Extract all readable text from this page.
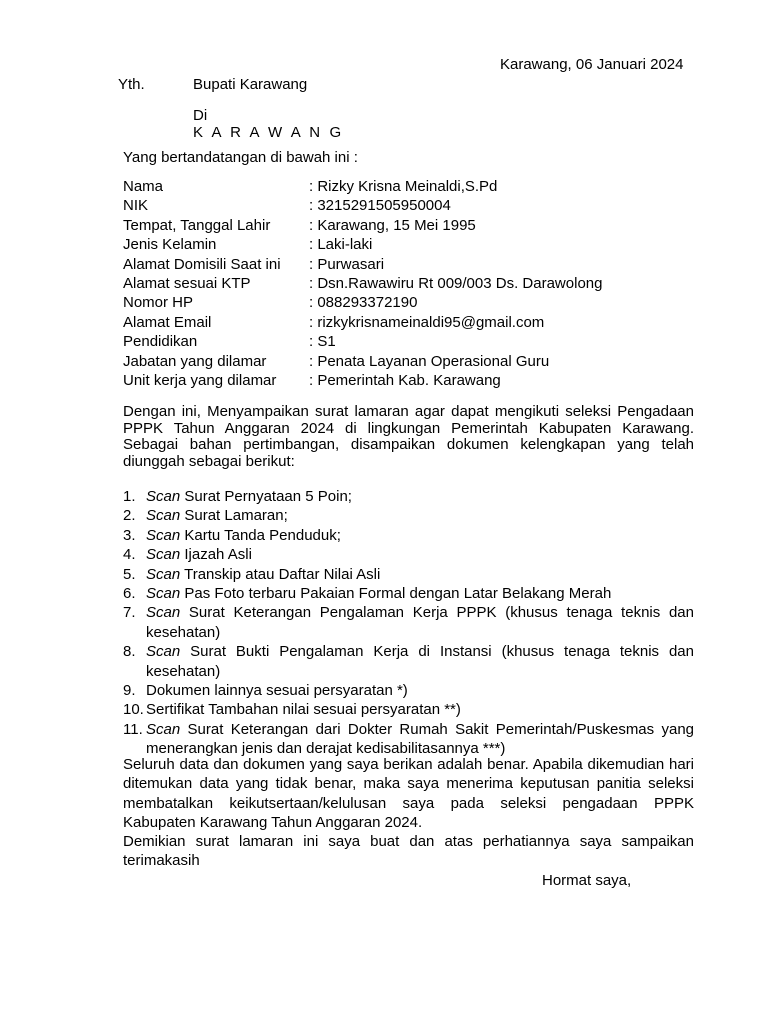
Karawang, 06 Januari 2024
Yth.	Bupati Karawang
Di
K A R A W A N G
Yang bertandatangan di bawah ini :
Nama	: Rizky Krisna Meinaldi,S.Pd
NIK	: 3215291505950004
Tempat, Tanggal Lahir	: Karawang, 15 Mei 1995
Jenis Kelamin	: Laki-laki
Alamat Domisili Saat ini : Purwasari
Alamat sesuai KTP	: Dsn.Rawawiru Rt 009/003 Ds. Darawolong
Nomor HP	: 088293372190
Alamat Email	: rizkykrisnameinaldi95@gmail.com
Pendidikan	: S1
Jabatan yang dilamar	: Penata Layanan Operasional Guru
Unit kerja yang dilamar : Pemerintah Kab. Karawang
Dengan ini, Menyampaikan surat lamaran agar dapat mengikuti seleksi Pengadaan PPPK Tahun Anggaran 2024 di lingkungan Pemerintah Kabupaten Karawang. Sebagai bahan pertimbangan, disampaikan dokumen kelengkapan yang telah diunggah sebagai berikut:
1. Scan Surat Pernyataan 5 Poin;
2. Scan Surat Lamaran;
3. Scan Kartu Tanda Penduduk;
4. Scan Ijazah Asli
5. Scan Transkip atau Daftar Nilai Asli
6. Scan Pas Foto terbaru Pakaian Formal dengan Latar Belakang Merah
7. Scan Surat Keterangan Pengalaman Kerja PPPK (khusus tenaga teknis dan kesehatan)
8. Scan Surat Bukti Pengalaman Kerja di Instansi (khusus tenaga teknis dan kesehatan)
9. Dokumen lainnya sesuai persyaratan *)
10. Sertifikat Tambahan nilai sesuai persyaratan **)
11. Scan Surat Keterangan dari Dokter Rumah Sakit Pemerintah/Puskesmas yang menerangkan jenis dan derajat kedisabilitasannya ***)
Seluruh data dan dokumen yang saya berikan adalah benar. Apabila dikemudian hari ditemukan data yang tidak benar, maka saya menerima keputusan panitia seleksi membatalkan keikutsertaan/kelulusan saya pada seleksi pengadaan PPPK Kabupaten Karawang Tahun Anggaran 2024.
Demikian surat lamaran ini saya buat dan atas perhatiannya saya sampaikan terimakasih
Hormat saya,
